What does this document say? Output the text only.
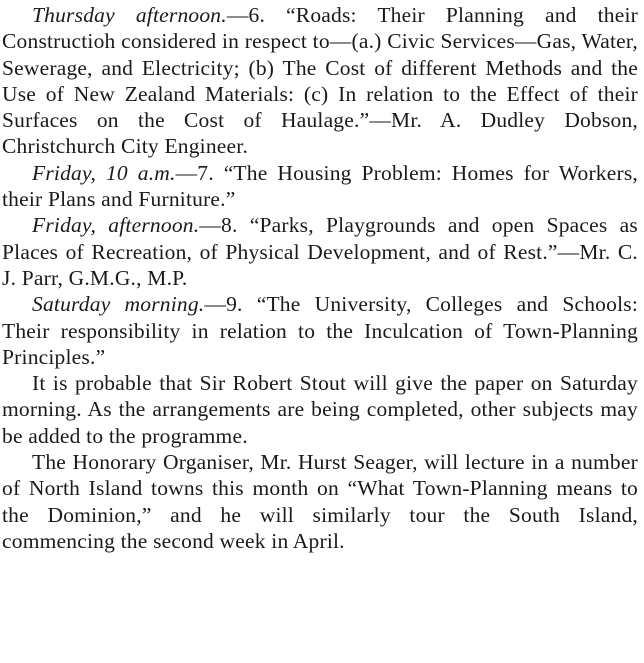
Thursday afternoon.—6. “Roads: Their Planning and their Constructioh considered in respect to—(a.) Civic Services—Gas, Water, Sewerage, and Electricity; (b) The Cost of different Methods and the Use of New Zealand Materials: (c) In relation to the Effect of their Surfaces on the Cost of Haulage.”—Mr. A. Dudley Dobson, Christchurch City Engineer.

Friday, 10 a.m.—7. “The Housing Problem: Homes for Workers, their Plans and Furniture.”

Friday, afternoon.—8. “Parks, Playgrounds and open Spaces as Places of Recreation, of Physical Development, and of Rest.”—Mr. C. J. Parr, G.M.G., M.P.

Saturday morning.—9. “The University, Colleges and Schools: Their responsibility in relation to the Inculcation of Town-Planning Principles.”

It is probable that Sir Robert Stout will give the paper on Saturday morning. As the arrangements are being completed, other subjects may be added to the programme.

The Honorary Organiser, Mr. Hurst Seager, will lecture in a number of North Island towns this month on “What Town-Planning means to the Dominion,” and he will similarly tour the South Island, commencing the second week in April.
